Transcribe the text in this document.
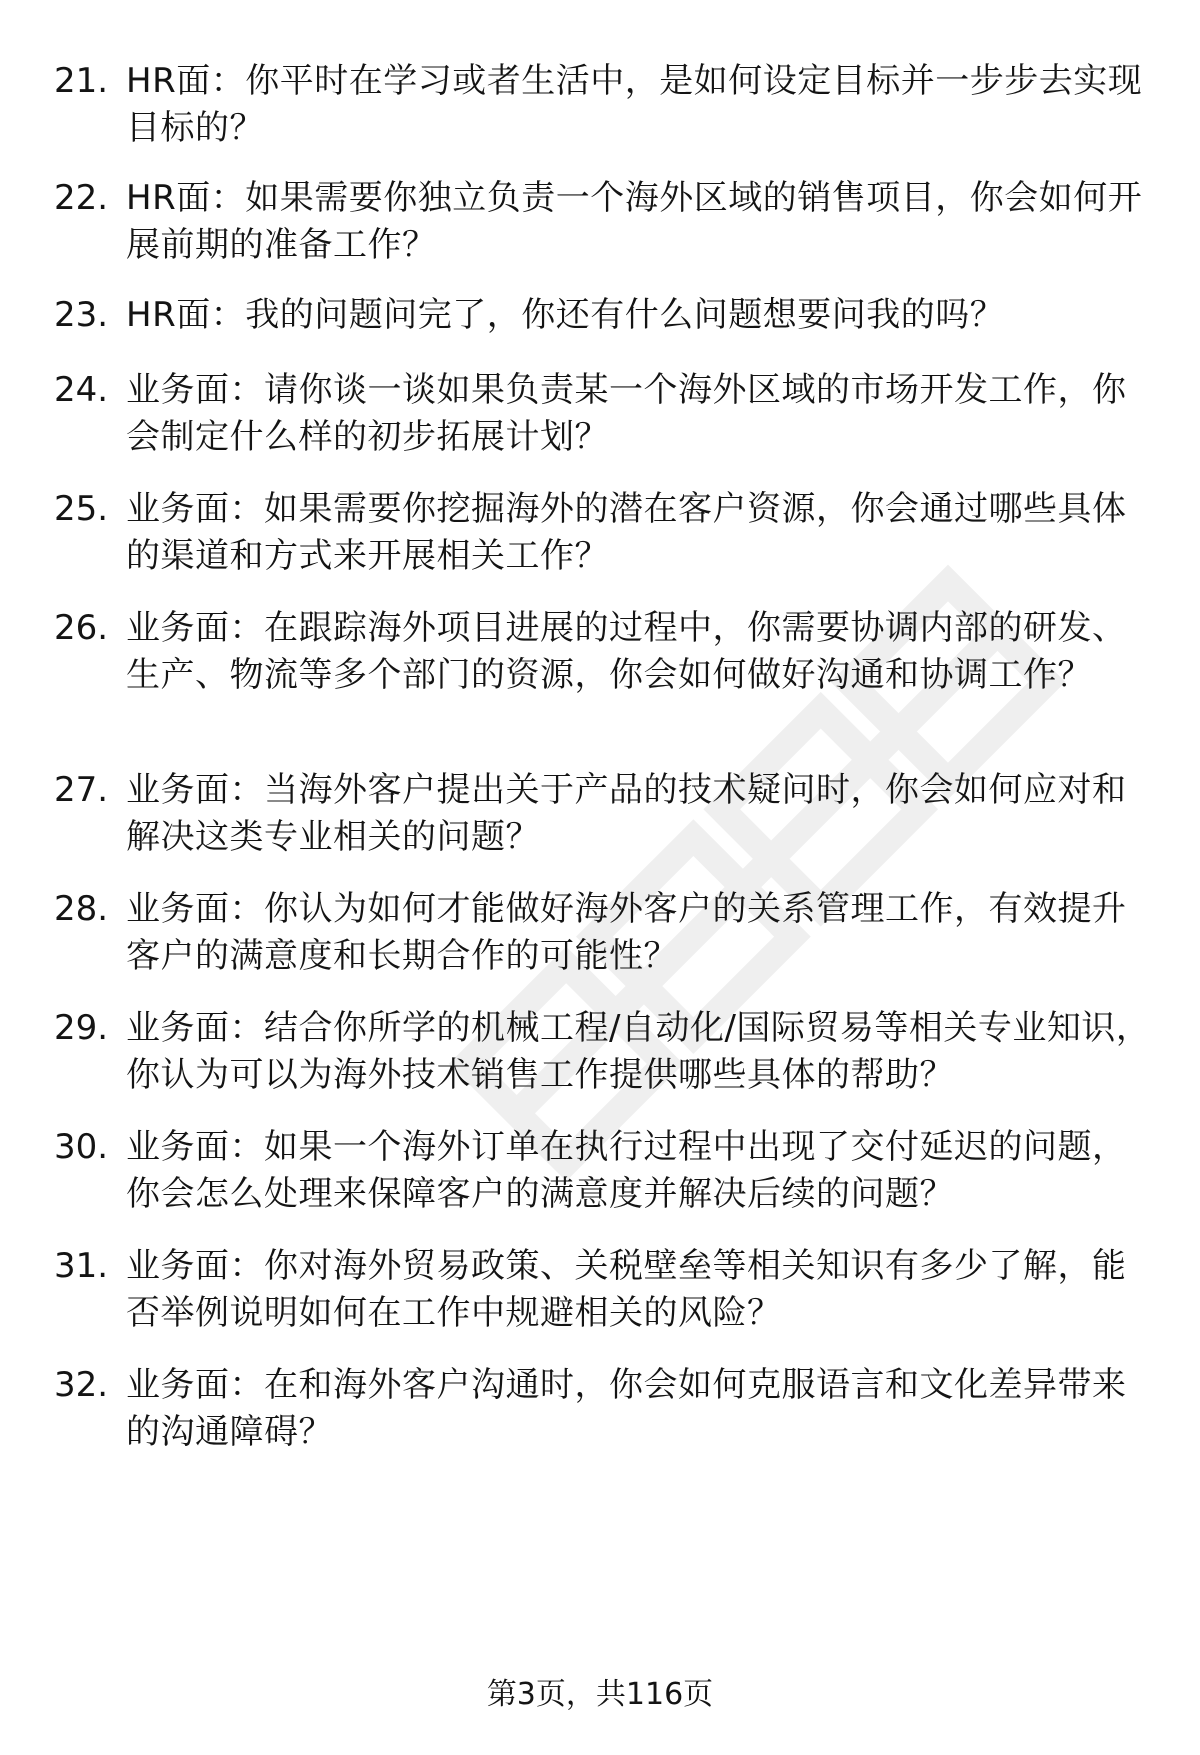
21. HR面：你平时在学习或者生活中，是如何设定目标并一步步去实现目标的？
22. HR面：如果需要你独立负责一个海外区域的销售项目，你会如何开展前期的准备工作？
23. HR面：我的问题问完了，你还有什么问题想要问我的吗？
24. 业务面：请你谈一谈如果负责某一个海外区域的市场开发工作，你会制定什么样的初步拓展计划？
25. 业务面：如果需要你挖掘海外的潜在客户资源，你会通过哪些具体的渠道和方式来开展相关工作？
26. 业务面：在跟踪海外项目进展的过程中，你需要协调内部的研发、生产、物流等多个部门的资源，你会如何做好沟通和协调工作？
27. 业务面：当海外客户提出关于产品的技术疑问时，你会如何应对和解决这类专业相关的问题？
28. 业务面：你认为如何才能做好海外客户的关系管理工作，有效提升客户的满意度和长期合作的可能性？
29. 业务面：结合你所学的机械工程/自动化/国际贸易等相关专业知识，你认为可以为海外技术销售工作提供哪些具体的帮助？
30. 业务面：如果一个海外订单在执行过程中出现了交付延迟的问题，你会怎么处理来保障客户的满意度并解决后续的问题？
31. 业务面：你对海外贸易政策、关税壁垒等相关知识有多少了解，能否举例说明如何在工作中规避相关的风险？
32. 业务面：在和海外客户沟通时，你会如何克服语言和文化差异带来的沟通障碍？
第3页，共116页
